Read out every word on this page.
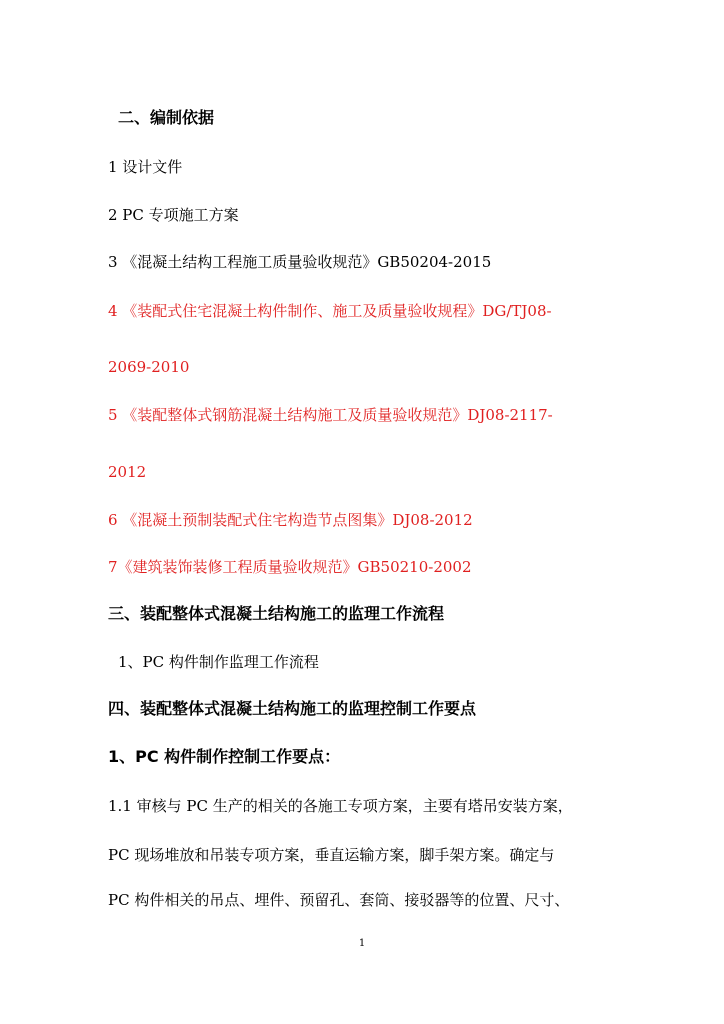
二、编制依据
1 设计文件
2 PC 专项施工方案
3 《混凝土结构工程施工质量验收规范》GB50204-2015
4 《装配式住宅混凝土构件制作、施工及质量验收规程》DG/TJ08-
2069-2010
5 《装配整体式钢筋混凝土结构施工及质量验收规范》DJ08-2117-
2012
6 《混凝土预制装配式住宅构造节点图集》DJ08-2012
7《建筑装饰装修工程质量验收规范》GB50210-2002
三、装配整体式混凝土结构施工的监理工作流程
1、PC 构件制作监理工作流程
四、装配整体式混凝土结构施工的监理控制工作要点
1、PC 构件制作控制工作要点：
1.1 审核与 PC 生产的相关的各施工专项方案，主要有塔吊安装方案，
PC 现场堆放和吊装专项方案，垂直运输方案，脚手架方案。确定与
PC 构件相关的吊点、埋件、预留孔、套筒、接驳器等的位置、尺寸、
1
